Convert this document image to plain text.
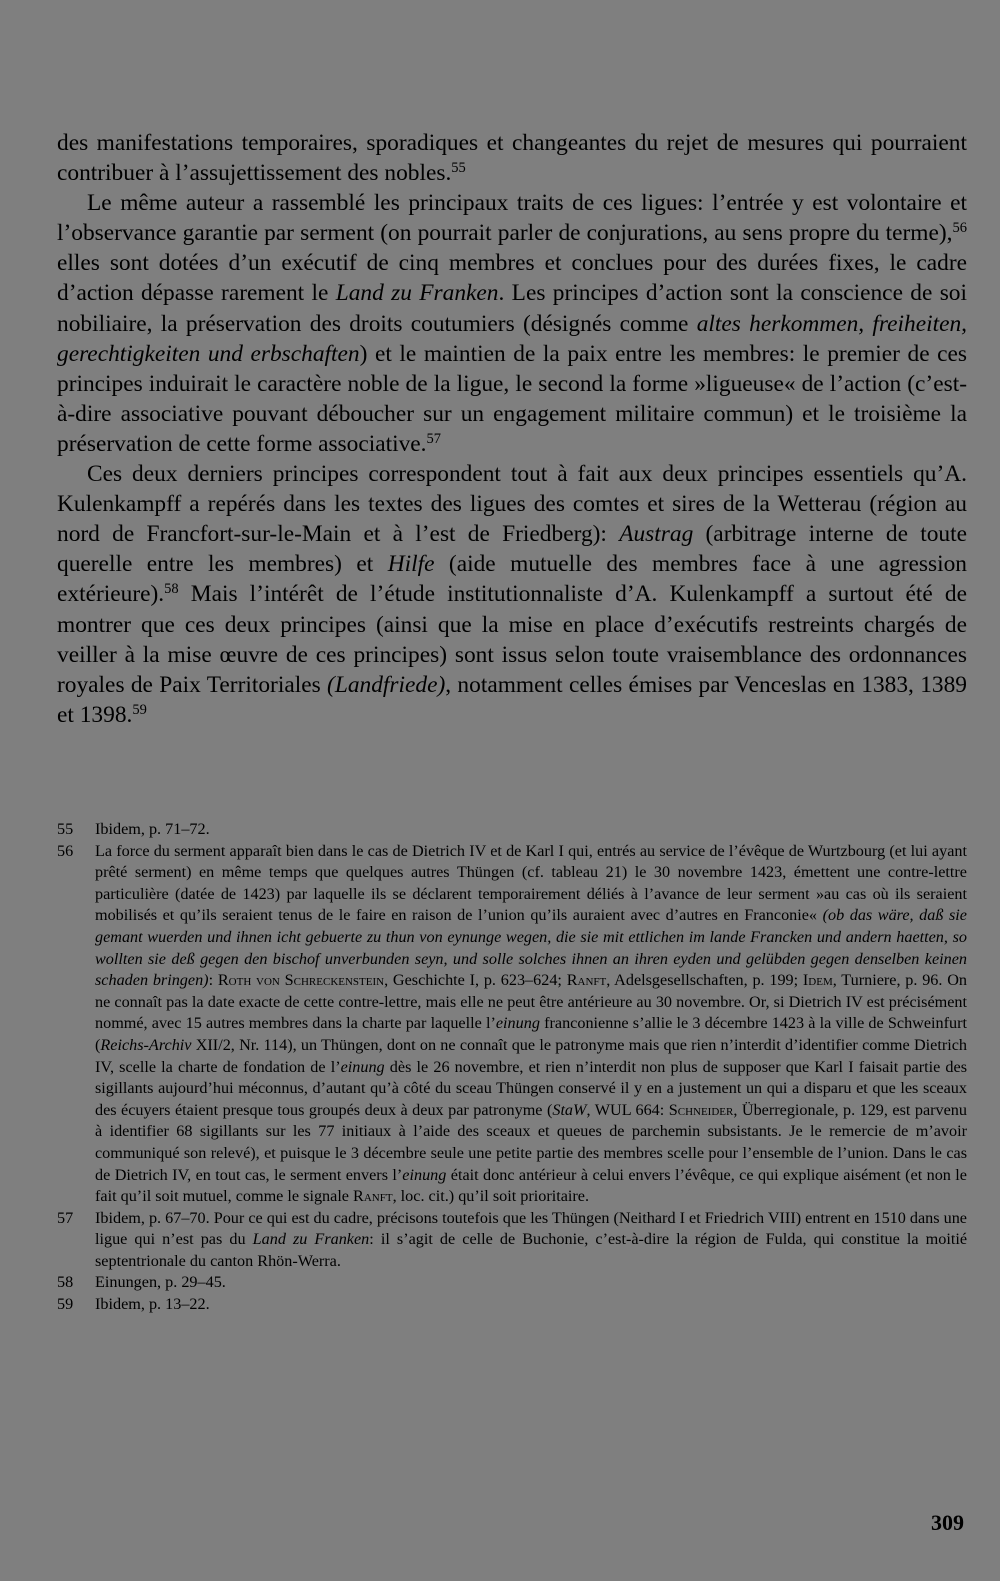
des manifestations temporaires, sporadiques et changeantes du rejet de mesures qui pourraient contribuer à l’assujettissement des nobles.$^{55}$

Le même auteur a rassemblé les principaux traits de ces ligues: l’entrée y est volontaire et l’observance garantie par serment (on pourrait parler de conjurations, au sens propre du terme),$^{56}$ elles sont dotées d’un exécutif de cinq membres et conclues pour des durées fixes, le cadre d’action dépasse rarement le Land zu Franken. Les principes d’action sont la conscience de soi nobiliaire, la préservation des droits coutumiers (désignés comme altes herkommen, freiheiten, gerechtigkeiten und erbschaften) et le maintien de la paix entre les membres: le premier de ces principes induirait le caractère noble de la ligue, le second la forme »ligueuse« de l’action (c’est-à-dire associative pouvant déboucher sur un engagement militaire commun) et le troisième la préservation de cette forme associative.$^{57}$

Ces deux derniers principes correspondent tout à fait aux deux principes essentiels qu’A. Kulenkampff a repérés dans les textes des ligues des comtes et sires de la Wetterau (région au nord de Francfort-sur-le-Main et à l’est de Friedberg): Austrag (arbitrage interne de toute querelle entre les membres) et Hilfe (aide mutuelle des membres face à une agression extérieure).$^{58}$ Mais l’intérêt de l’étude institutionnaliste d’A. Kulenkampff a surtout été de montrer que ces deux principes (ainsi que la mise en place d’exécutifs restreints chargés de veiller à la mise œuvre de ces principes) sont issus selon toute vraisemblance des ordonnances royales de Paix Territoriales (Landfriede), notamment celles émises par Venceslas en 1383, 1389 et 1398.59

55	Ibidem, p. 71–72.
56	La force du serment apparaît bien dans le cas de Dietrich IV et de Karl I qui, entrés au service de l’évêque de Wurtzbourg (et lui ayant prêté serment) en même temps que quelques autres Thüngen (cf. tableau 21) le 30 novembre 1423, émettent une contre-lettre particulière (datée de 1423) par laquelle ils se déclarent temporairement déliés à l’avance de leur serment »au cas où ils seraient mobilisés et qu’ils seraient tenus de le faire en raison de l’union qu’ils auraient avec d’autres en Franconie« (ob das wäre, daß sie gemant wuerden und ihnen icht gebuerte zu thun von eynunge wegen, die sie mit ettlichen im lande Francken und andern haetten, so wollten sie deß gegen den bischof unverbunden seyn, und solle solches ihnen an ihren eyden und gelübden gegen denselben keinen schaden bringen): Roth von Schreckenstein, Geschichte I, p. 623–624; Ranft, Adelsgesellschaften, p. 199; Idem, Turniere, p. 96. On ne connaît pas la date exacte de cette contre-lettre, mais elle ne peut être antérieure au 30 novembre. Or, si Dietrich IV est précisément nommé, avec 15 autres membres dans la charte par laquelle l’einung franconienne s’allie le 3 décembre 1423 à la ville de Schweinfurt (Reichs-Archiv XII/2, Nr. 114), un Thüngen, dont on ne connaît que le patronyme mais que rien n’interdit d’identifier comme Dietrich IV, scelle la charte de fondation de l’einung dès le 26 novembre, et rien n’interdit non plus de supposer que Karl I faisait partie des sigillants aujourd’hui méconnus, d’autant qu’à côté du sceau Thüngen conservé il y en a justement un qui a disparu et que les sceaux des écuyers étaient presque tous groupés deux à deux par patronyme (StaW, WUL 664: Schneider, Überregionale, p. 129, est parvenu à identifier 68 sigillants sur les 77 initiaux à l’aide des sceaux et queues de parchemin subsistants. Je le remercie de m’avoir communiqué son relevé), et puisque le 3 décembre seule une petite partie des membres scelle pour l’ensemble de l’union. Dans le cas de Dietrich IV, en tout cas, le serment envers l’einung était donc antérieur à celui envers l’évêque, ce qui explique aisément (et non le fait qu’il soit mutuel, comme le signale Ranft, loc. cit.) qu’il soit prioritaire.
57	Ibidem, p. 67–70. Pour ce qui est du cadre, précisons toutefois que les Thüngen (Neithard I et Friedrich VIII) entrent en 1510 dans une ligue qui n’est pas du Land zu Franken: il s’agit de celle de Buchonie, c’est-à-dire la région de Fulda, qui constitue la moitié septentrionale du canton Rhön-Werra.
58	Einungen, p. 29–45.
59	Ibidem, p. 13–22.
309
